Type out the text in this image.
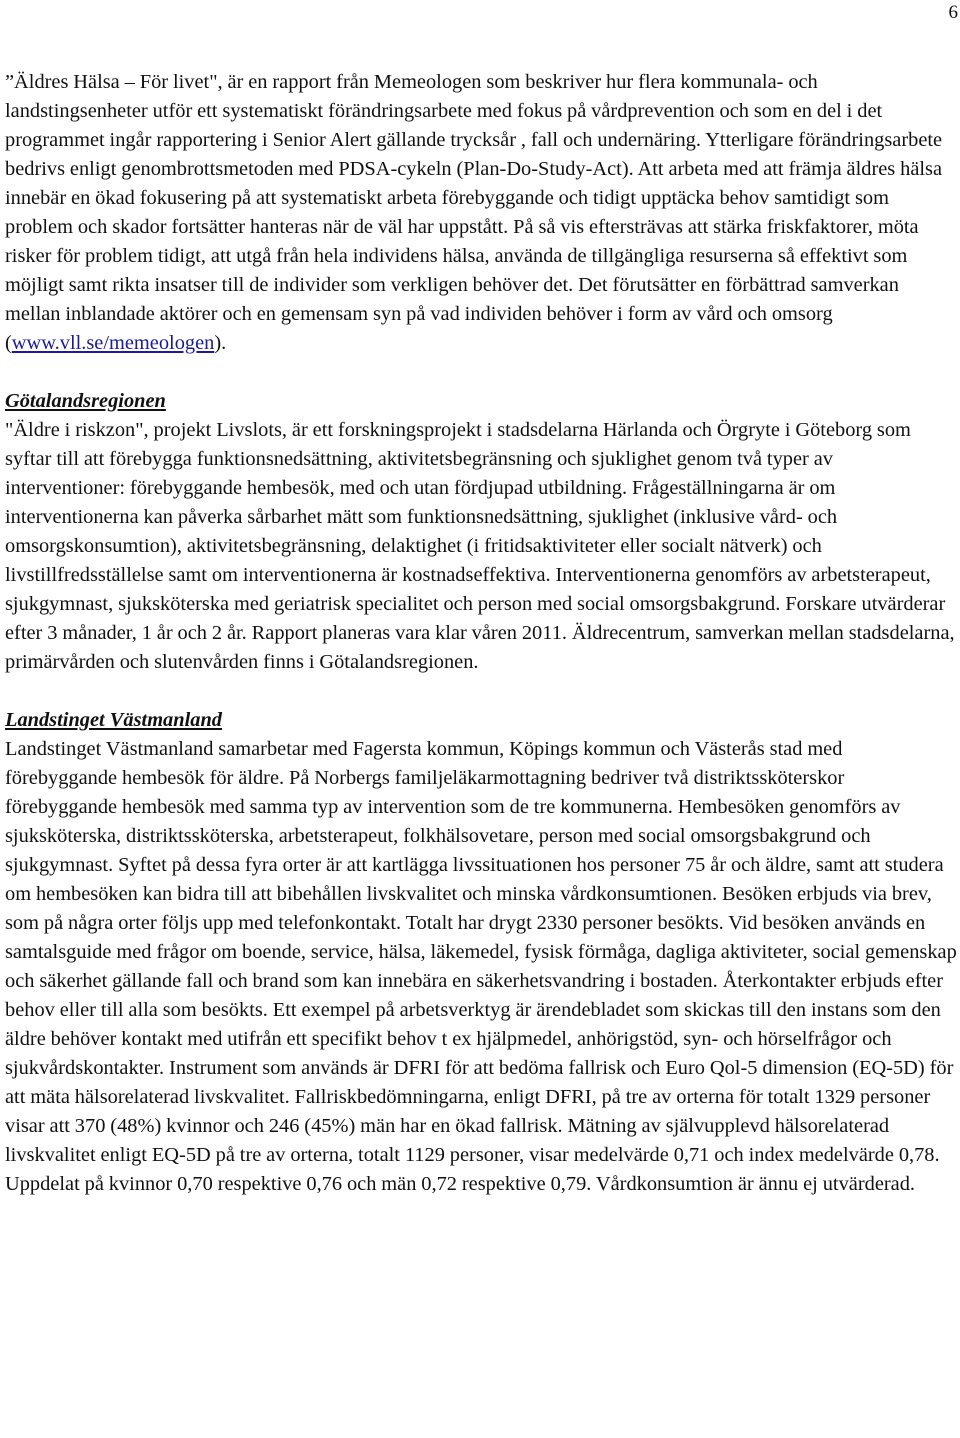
6

”Äldres Hälsa – För livet", är en rapport från Memeologen som beskriver hur flera kommunala- och landstingsenheter utför ett systematiskt förändringsarbete med fokus på vårdprevention och som en del i det programmet ingår rapportering i Senior Alert gällande trycksår , fall och undernäring. Ytterligare förändringsarbete bedrivs enligt genombrottsmetoden med PDSA-cykeln (Plan-Do-Study-Act). Att arbeta med att främja äldres hälsa innebär en ökad fokusering på att systematiskt arbeta förebyggande och tidigt upptäcka behov samtidigt som problem och skador fortsätter hanteras när de väl har uppstått. På så vis eftersträvas att stärka friskfaktorer, möta risker för problem tidigt, att utgå från hela individens hälsa, använda de tillgängliga resurserna så effektivt som möjligt samt rikta insatser till de individer som verkligen behöver det. Det förutsätter en förbättrad samverkan mellan inblandade aktörer och en gemensam syn på vad individen behöver i form av vård och omsorg (www.vll.se/memeologen).

Götalandsregionen

"Äldre i riskzon", projekt Livslots, är ett forskningsprojekt i stadsdelarna Härlanda och Örgryte i Göteborg som syftar till att förebygga funktionsnedsättning, aktivitetsbegränsning och sjuklighet genom två typer av interventioner: förebyggande hembesök, med och utan fördjupad utbildning. Frågeställningarna är om interventionerna kan påverka sårbarhet mätt som funktionsnedsättning, sjuklighet (inklusive vård- och omsorgskonsumtion), aktivitetsbegränsning, delaktighet (i fritidsaktiviteter eller socialt nätverk) och livstillfredsställelse samt om interventionerna är kostnadseffektiva. Interventionerna genomförs av arbetsterapeut, sjukgymnast, sjuksköterska med geriatrisk specialitet och person med social omsorgsbakgrund. Forskare utvärderar efter 3 månader, 1 år och 2 år. Rapport planeras vara klar våren 2011. Äldrecentrum, samverkan mellan stadsdelarna, primärvården och slutenvården finns i Götalandsregionen.

Landstinget Västmanland

Landstinget Västmanland samarbetar med Fagersta kommun, Köpings kommun och Västerås stad med förebyggande hembesök för äldre. På Norbergs familjeläkarmottagning bedriver två distriktssköterskor förebyggande hembesök med samma typ av intervention som de tre kommunerna. Hembesöken genomförs av sjuksköterska, distriktssköterska, arbetsterapeut, folkhälsovetare, person med social omsorgsbakgrund och sjukgymnast. Syftet på dessa fyra orter är att kartlägga livssituationen hos personer 75 år och äldre, samt att studera om hembesöken kan bidra till att bibehållen livskvalitet och minska vårdkonsumtionen. Besöken erbjuds via brev, som på några orter följs upp med telefonkontakt. Totalt har drygt 2330 personer besökts. Vid besöken används en samtalsguide med frågor om boende, service, hälsa, läkemedel, fysisk förmåga, dagliga aktiviteter, social gemenskap och säkerhet gällande fall och brand som kan innebära en säkerhetsvandring i bostaden. Återkontakter erbjuds efter behov eller till alla som besökts. Ett exempel på arbetsverktyg är ärendebladet som skickas till den instans som den äldre behöver kontakt med utifrån ett specifikt behov t ex hjälpmedel, anhörigstöd, syn- och hörselfrågor och sjukvårdskontakter. Instrument som används är DFRI för att bedöma fallrisk och Euro Qol-5 dimension (EQ-5D) för att mäta hälsorelaterad livskvalitet. Fallriskbedömningarna, enligt DFRI, på tre av orterna för totalt 1329 personer visar att 370 (48%) kvinnor och 246 (45%) män har en ökad fallrisk. Mätning av självupplevd hälsorelaterad livskvalitet enligt EQ-5D på tre av orterna, totalt 1129 personer, visar medelvärde 0,71 och index medelvärde 0,78. Uppdelat på kvinnor 0,70 respektive 0,76 och män 0,72 respektive 0,79. Vårdkonsumtion är ännu ej utvärderad.
